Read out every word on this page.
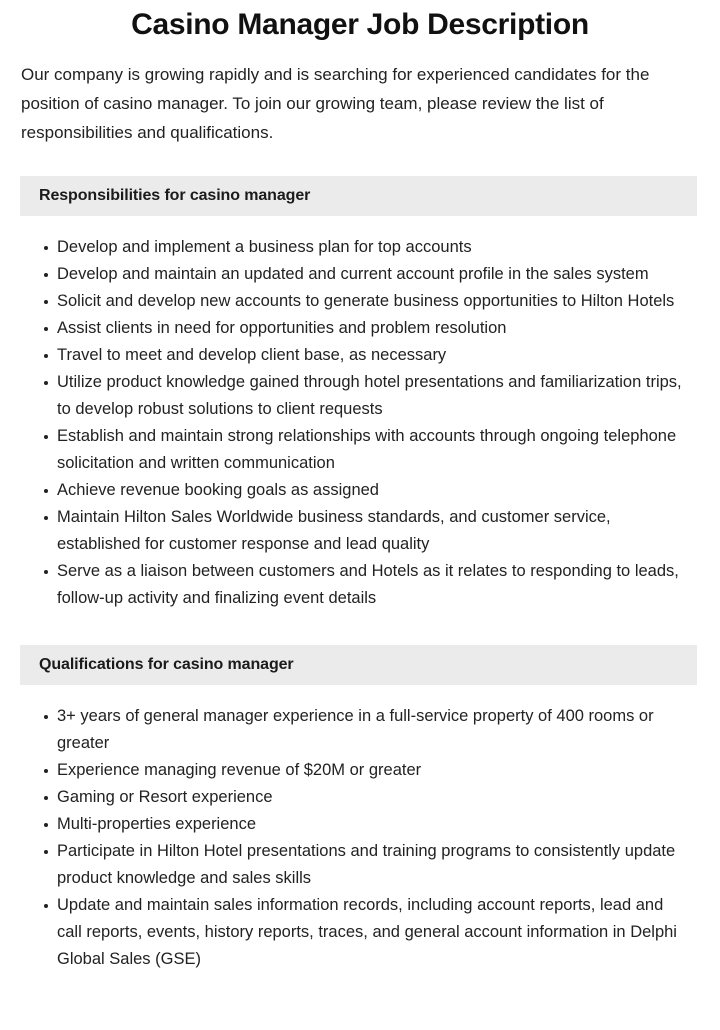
Casino Manager Job Description

Our company is growing rapidly and is searching for experienced candidates for the position of casino manager. To join our growing team, please review the list of responsibilities and qualifications.

Responsibilities for casino manager
Develop and implement a business plan for top accounts
Develop and maintain an updated and current account profile in the sales system
Solicit and develop new accounts to generate business opportunities to Hilton Hotels
Assist clients in need for opportunities and problem resolution
Travel to meet and develop client base, as necessary
Utilize product knowledge gained through hotel presentations and familiarization trips, to develop robust solutions to client requests
Establish and maintain strong relationships with accounts through ongoing telephone solicitation and written communication
Achieve revenue booking goals as assigned
Maintain Hilton Sales Worldwide business standards, and customer service, established for customer response and lead quality
Serve as a liaison between customers and Hotels as it relates to responding to leads, follow-up activity and finalizing event details
Qualifications for casino manager
3+ years of general manager experience in a full-service property of 400 rooms or greater
Experience managing revenue of $20M or greater
Gaming or Resort experience
Multi-properties experience
Participate in Hilton Hotel presentations and training programs to consistently update product knowledge and sales skills
Update and maintain sales information records, including account reports, lead and call reports, events, history reports, traces, and general account information in Delphi Global Sales (GSE)
